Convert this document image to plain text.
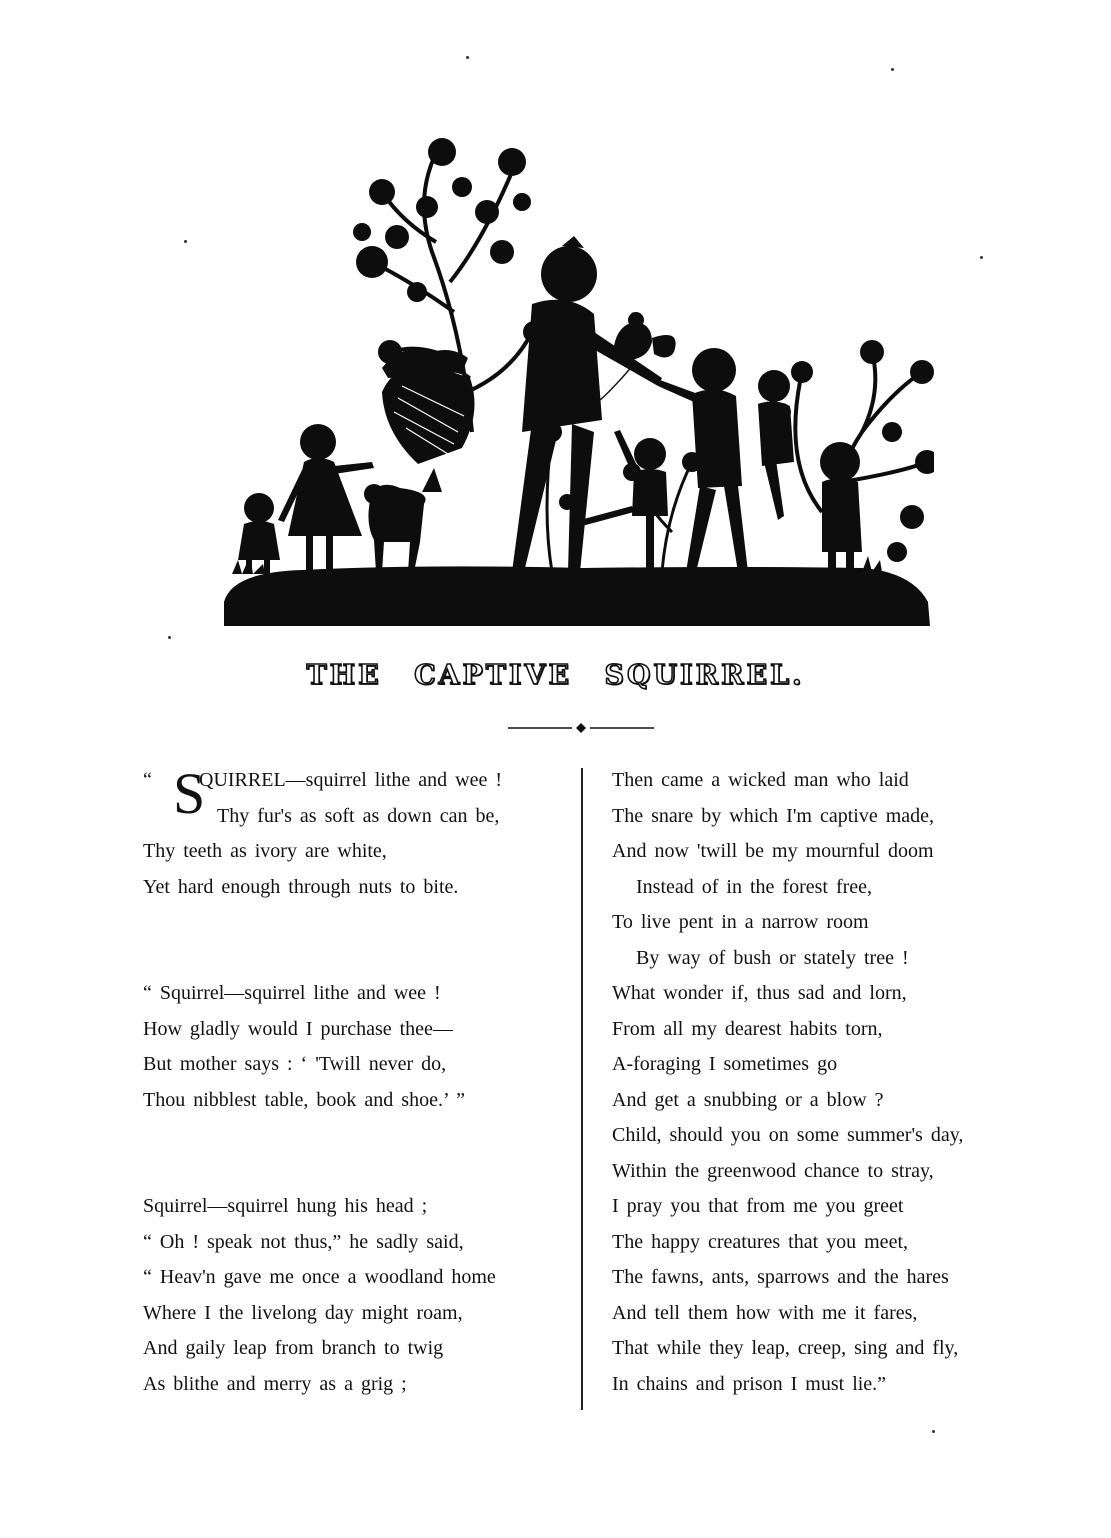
THE CAPTIVE SQUIRREL.
“ S
QUIRREL—squirrel lithe and wee !
Thy fur's as soft as down can be,
Thy teeth as ivory are white,
Yet hard enough through nuts to bite.
“ Squirrel—squirrel lithe and wee !
How gladly would I purchase thee—
But mother says : ‘ 'Twill never do,
Thou nibblest table, book and shoe.’ ”
Squirrel—squirrel hung his head ;
“ Oh ! speak not thus,” he sadly said,
“ Heav'n gave me once a woodland home
Where I the livelong day might roam,
And gaily leap from branch to twig
As blithe and merry as a grig ;
Then came a wicked man who laid
The snare by which I'm captive made,
And now 'twill be my mournful doom
Instead of in the forest free,
To live pent in a narrow room
By way of bush or stately tree !
What wonder if, thus sad and lorn,
From all my dearest habits torn,
A-foraging I sometimes go
And get a snubbing or a blow ?
Child, should you on some summer's day,
Within the greenwood chance to stray,
I pray you that from me you greet
The happy creatures that you meet,
The fawns, ants, sparrows and the hares
And tell them how with me it fares,
That while they leap, creep, sing and fly,
In chains and prison I must lie.”
